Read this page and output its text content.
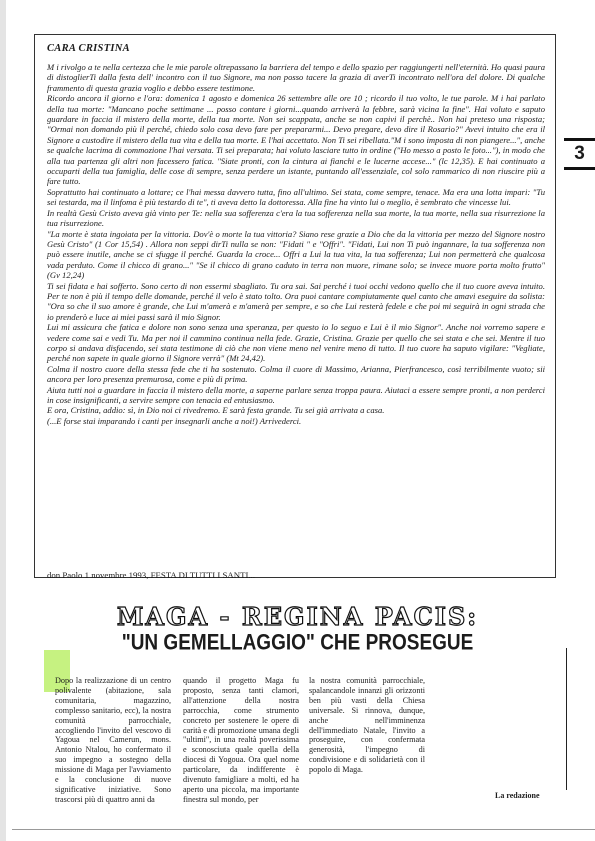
CARA CRISTINA

M i rivolgo a te nella certezza che le mie parole oltrepassano la barriera del tempo e dello spazio per raggiungerti nell'eternità. Ho quasi paura di distoglierTi dalla festa dell' incontro con il tuo Signore, ma non posso tacere la grazia di averTi incontrato nell'ora del dolore. Di qualche frammento di questa grazia voglio e debbo essere testimone.

Ricordo ancora il giorno e l'ora: domenica 1 agosto e domenica 26 settembre alle ore 10 ; ricordo il tuo volto, le tue parole. M i hai parlato della tua morte: "Mancano poche settimane ... posso contare i giorni...quando arriverà la febbre, sarà vicina la fine". Hai voluto e saputo guardare in faccia il mistero della morte, della tua morte. Non sei scappata, anche se non capivi il perchè.. Non hai preteso una risposta; "Ormai non domando più il perché, chiedo solo cosa devo fare per prepararmi... Devo pregare, devo dire il Rosario?" Avevi intuito che era il Signore a custodire il mistero della tua vita e della tua morte. E l'hai accettato. Non Ti sei ribellata."M i sono imposta di non piangere...", anche se qualche lacrima di commozione l'hai versata. Ti sei preparata; hai voluto lasciare tutto in ordine ("Ho messo a posto le foto..."), in modo che alla tua partenza gli altri non facessero fatica. "Siate pronti, con la cintura ai fianchi e le lucerne accese..." (lc 12,35). E hai continuato a occuparti della tua famiglia, delle cose di sempre, senza perdere un istante, puntando all'essenziale, col solo rammarico di non riuscire più a fare tutto.

Soprattutto hai continuato a lottare; ce l'hai messa davvero tutta, fino all'ultimo. Sei stata, come sempre, tenace. Ma era una lotta impari: "Tu sei testarda, ma il linfoma è più testardo di te", ti aveva detto la dottoressa. Alla fine ha vinto lui o meglio, è sembrato che vincesse lui.

In realtà Gesù Cristo aveva già vinto per Te: nella sua sofferenza c'era la tua sofferenza nella sua morte, la tua morte, nella sua risurrezione la tua risurrezione.

"La morte è stata ingoiata per la vittoria. Dov'è o morte la tua vittoria? Siano rese grazie a Dio che da la vittoria per mezzo del Signore nostro Gesù Cristo" (1 Cor 15,54) . Allora non seppi dirTi nulla se non: "Fidati " e "Offri". "Fidati, Lui non Ti può ingannare, la tua sofferenza non può essere inutile, anche se ci sfugge il perché. Guarda la croce... Offri a Lui la tua vita, la tua sofferenza; Lui non permetterà che qualcosa vada perduto. Come il chicco di grano..." "Se il chicco di grano caduto in terra non muore, rimane solo; se invece muore porta molto frutto" (Gv 12,24)

Ti sei fidata e hai sofferto. Sono certo di non essermi sbagliato. Tu ora sai. Sai perché i tuoi occhi vedono quello che il tuo cuore aveva intuito. Per te non è più il tempo delle domande, perché il velo è stato tolto. Ora puoi cantare compiutamente quel canto che amavi eseguire da solista: "Ora so che il suo amore è grande, che Lui m'amerà e m'amerà per sempre, e so che Lui resterà fedele e che poi mi seguirà in ogni strada che io prenderò e luce ai miei passi sarà il mio Signor.

Lui mi assicura che fatica e dolore non sono senza una speranza, per questo io lo seguo e Lui è il mio Signor". Anche noi vorremo sapere e vedere come sai e vedi Tu. Ma per noi il cammino continua nella fede. Grazie, Cristina. Grazie per quello che sei stata e che sei. Mentre il tuo corpo si andava disfacendo, sei stata testimone di ciò che non viene meno nel venire meno di tutto. Il tuo cuore ha saputo vigilare: "Vegliate, perché non sapete in quale giorno il Signore verrà" (Mt 24,42).

Colma il nostro cuore della stessa fede che ti ha sostenuto. Colma il cuore di Massimo, Arianna, Pierfrancesco, così terribilmente vuoto; sii ancora per loro presenza premurosa, come e più di prima.

Aiuta tutti noi a guardare in faccia il mistero della morte, a saperne parlare senza troppa paura. Aiutaci a essere sempre pronti, a non perderci in cose insignificanti, a servire sempre con tenacia ed entusiasmo.

E ora, Cristina, addio: sì, in Dio noi ci rivedremo. E sarà festa grande. Tu sei già arrivata a casa.

(...E forse stai imparando i canti per insegnarli anche a noi!) Arrivederci.

don Paolo 1 novembre 1993, FESTA DI TUTTI I SANTI...
3
MAGA - REGINA PACIS:
"UN GEMELLAGGIO" CHE PROSEGUE
Dopo la realizzazione di un centro polivalente (abitazione, sala comunitaria, magazzino, complesso sanitario, ecc), la nostra comunità parrocchiale, accogliendo l'invito del vescovo di Yagoua nel Camerun, mons. Antonio Ntalou, ho confermato il suo impegno a sostegno della missione di Maga per l'avviamento e la conclusione di nuove significative iniziative. Sono trascorsi più di quattro anni da
quando il progetto Maga fu proposto, senza tanti clamori, all'attenzione della nostra parrocchia, come strumento concreto per sostenere le opere di carità e di promozione umana degli "ultimi", in una realtà poverissima e sconosciuta quale quella della diocesi di Yogoua. Ora quel nome particolare, da indifferente è divenuto famigliare a molti, ed ha aperto una piccola, ma importante finestra sul mondo, per
la nostra comunità parrocchiale, spalancandole innanzi gli orizzonti ben più vasti della Chiesa universale. Si rinnova, dunque, anche nell'imminenza dell'immediato Natale, l'invito a proseguire, con confermata generosità, l'impegno di condivisione e di solidarietà con il popolo di Maga.
La redazione
